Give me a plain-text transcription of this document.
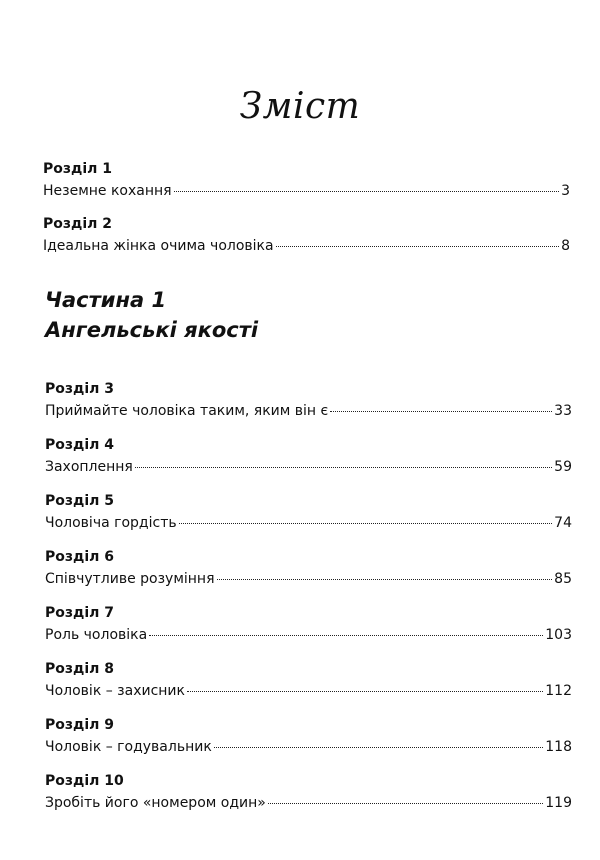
Зміст
Розділ 1
Неземне кохання	3
Розділ 2
Ідеальна жінка очима чоловіка	8
Частина 1
Ангельські якості
Розділ 3
Приймайте чоловіка таким, яким він є	33
Розділ 4
Захоплення	59
Розділ 5
Чоловіча гордість	74
Розділ 6
Співчутливе розуміння	85
Розділ 7
Роль чоловіка	103
Розділ 8
Чоловік – захисник	112
Розділ 9
Чоловік – годувальник	118
Розділ 10
Зробіть його «номером один»	119
